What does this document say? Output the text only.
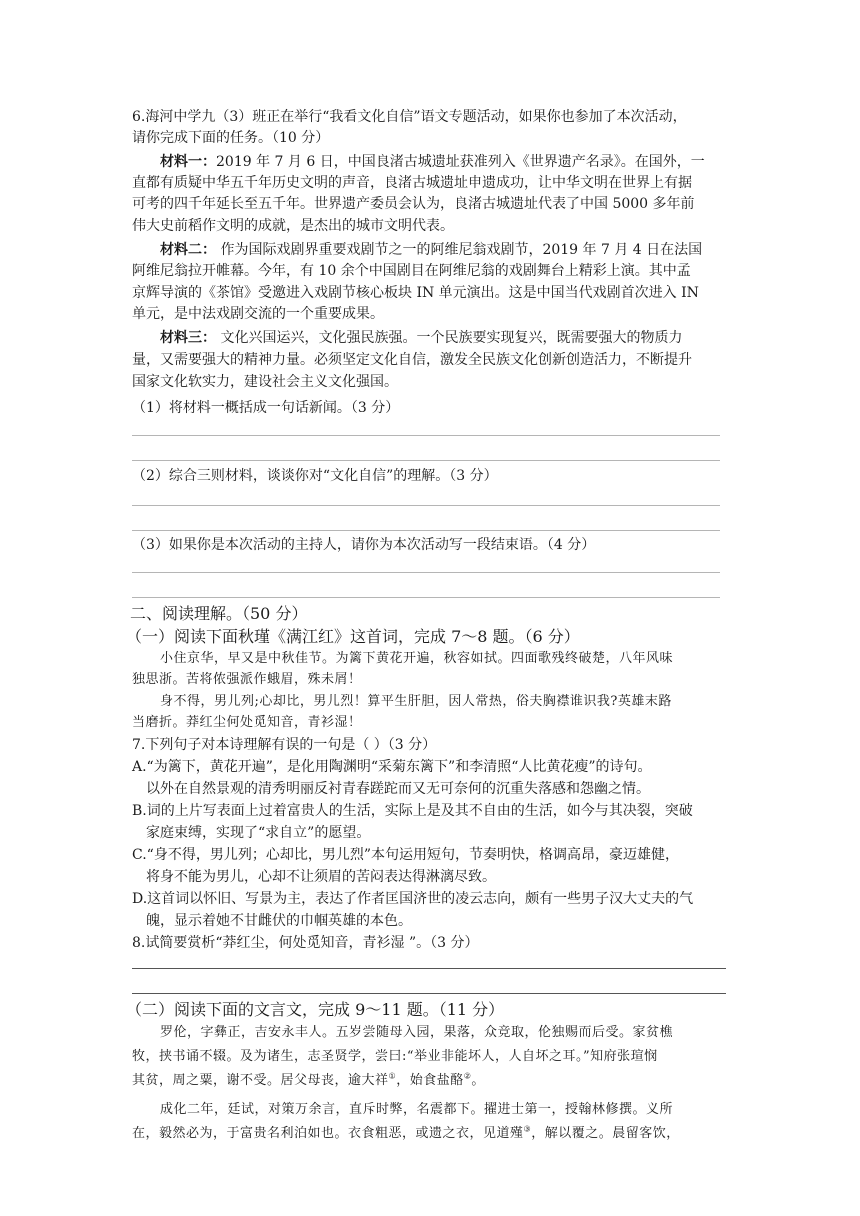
6.海河中学九（3）班正在举行“我看文化自信”语文专题活动，如果你也参加了本次活动，
请你完成下面的任务。（10 分）
材料一：2019 年 7 月 6 日，中国良渚古城遗址获准列入《世界遗产名录》。在国外，一
直都有质疑中华五千年历史文明的声音，良渚古城遗址申遗成功，让中华文明在世界上有据
可考的四千年延长至五千年。世界遗产委员会认为，良渚古城遗址代表了中国 5000 多年前
伟大史前稻作文明的成就，是杰出的城市文明代表。
材料二： 作为国际戏剧界重要戏剧节之一的阿维尼翁戏剧节，2019 年 7 月 4 日在法国
阿维尼翁拉开帷幕。今年，有 10 余个中国剧目在阿维尼翁的戏剧舞台上精彩上演。其中孟
京辉导演的《茶馆》受邀进入戏剧节核心板块 IN 单元演出。这是中国当代戏剧首次进入 IN
单元，是中法戏剧交流的一个重要成果。
材料三： 文化兴国运兴，文化强民族强。一个民族要实现复兴，既需要强大的物质力
量，又需要强大的精神力量。必须坚定文化自信，激发全民族文化创新创造活力，不断提升
国家文化软实力，建设社会主义文化强国。
（1）将材料一概括成一句话新闻。（3 分）
（2）综合三则材料，谈谈你对“文化自信”的理解。（3 分）
（3）如果你是本次活动的主持人，请你为本次活动写一段结束语。（4 分）
二、阅读理解。（50 分）
（一）阅读下面秋瑾《满江红》这首词，完成 7～8 题。（6 分）
小住京华，早又是中秋佳节。为篱下黄花开遍，秋容如拭。四面歌残终破楚，八年风味
独思浙。苦将侬强派作蛾眉，殊未屑！
身不得，男儿列;心却比，男儿烈！算平生肝胆，因人常热，俗夫胸襟谁识我?英雄末路
当磨折。莽红尘何处觅知音，青衫湿！
7.下列句子对本诗理解有误的一句是（ ）（3 分）
A.“为篱下，黄花开遍”，是化用陶渊明“采菊东篱下”和李清照“人比黄花瘦”的诗句。
以外在自然景观的清秀明丽反衬青春蹉跎而又无可奈何的沉重失落感和怨幽之情。
B.词的上片写表面上过着富贵人的生活，实际上是及其不自由的生活，如今与其决裂，突破
家庭束缚，实现了“求自立”的愿望。
C.“身不得，男儿列；心却比，男儿烈”本句运用短句，节奏明快，格调高昂，豪迈雄健，
将身不能为男儿，心却不让须眉的苦闷表达得淋漓尽致。
D.这首词以怀旧、写景为主，表达了作者匡国济世的凌云志向，颇有一些男子汉大丈夫的气
魄，显示着她不甘雌伏的巾帼英雄的本色。
8.试简要赏析“莽红尘，何处觅知音，青衫湿 ”。（3 分）
（二）阅读下面的文言文，完成 9～11 题。（11 分）
罗伦，字彝正，吉安永丰人。五岁尝随母入园，果落，众竞取，伦独赐而后受。家贫樵
牧，挟书诵不辍。及为诸生，志圣贤学，尝曰:“举业非能坏人，人自坏之耳。”知府张瑄悯
其贫，周之粟，谢不受。居父母丧，逾大祥①，始食盐酪②。
成化二年，廷试，对策万余言，直斥时弊，名震都下。擢进士第一，授翰林修撰。义所
在，毅然必为，于富贵名利泊如也。衣食粗恶，或遗之衣，见道殣③，解以覆之。晨留客饮，
